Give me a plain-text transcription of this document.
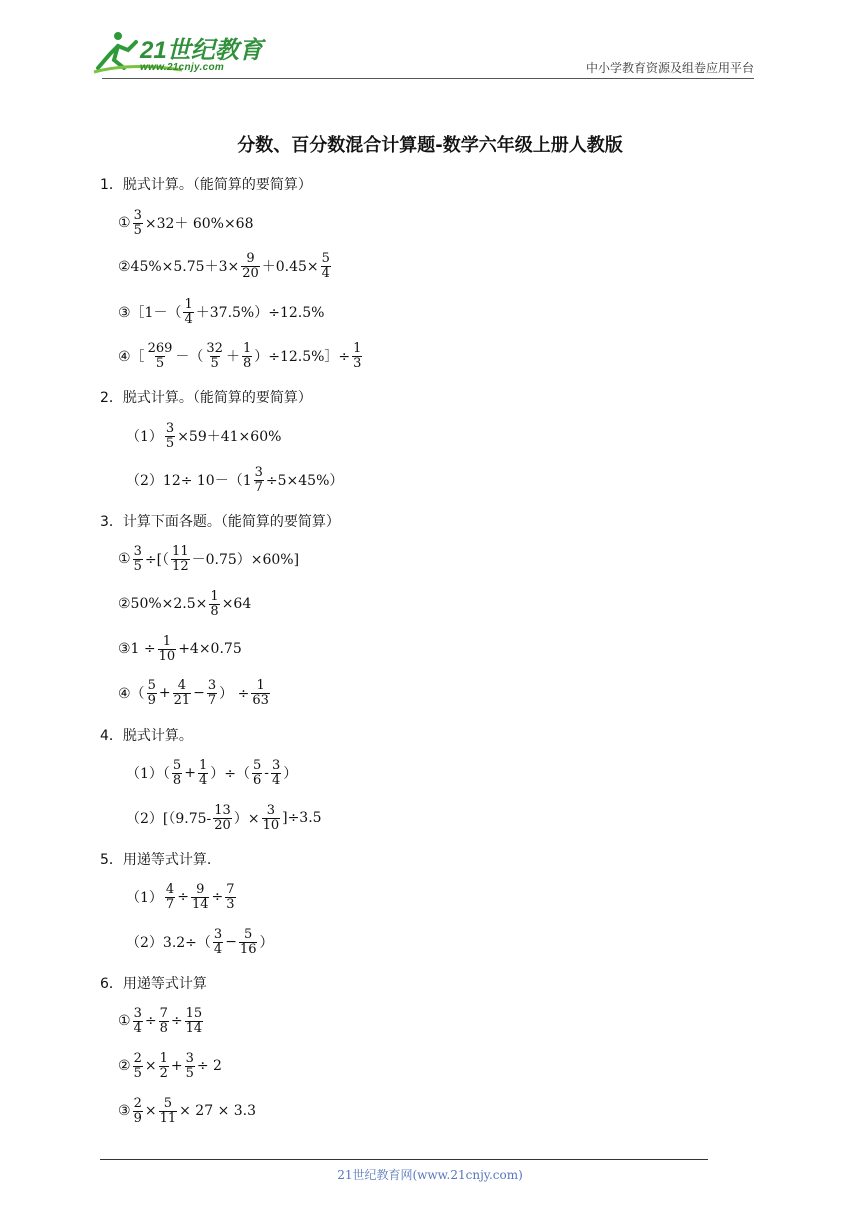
21世纪教育
www.21cnjy.com	中小学教育资源及组卷应用平台
分数、百分数混合计算题-数学六年级上册人教版
1．脱式计算。（能简算的要简算）
① $\frac{3}{5} \times 32+ 60\%\times 68$
②45%×5.75＋3× $\frac{9}{20} +0.45\times \frac{5}{4}$
③［1－（ $\frac{1}{4} +37.5\%)\div 12.5\%$
④［ $\frac{269}{5}$ －（ $\frac{32}{5} + \frac{1}{8}$ ）÷12.5%］÷ $\frac{1}{3}$
2．脱式计算。（能简算的要简算）
$(1) \frac{3}{5} \times 59+41\times 60\%$
$(2)12\div 10-(1 \frac{3}{7} \div 5\times 45\%)$
3．计算下面各题。（能简算的要简算）
① $\frac{3}{5}$ ÷[（ $\frac{11}{12} -0.75)\times 60\%$]
②50%×2.5× $\frac{1}{8} \times 64$
③1 ÷ $\frac{1}{10} +4\times 0.75$
④（ $\frac{5}{9} + \frac{4}{21} - \frac{3}{7}$ ） ÷ $\frac{1}{63}$
4．脱式计算。
$(1)( \frac{5}{8} + \frac{1}{4}$ ）÷（ $\frac{5}{6} - \frac{3}{4}$ ）
$(2)[(9.75- \frac{13}{20}$ ）× $\frac{3}{10} ]\div 3.5$
5．用递等式计算.
$(1) \frac{4}{7} \div \frac{9}{14} \div \frac{7}{3}$
$(2)3.2\div( \frac{3}{4} - \frac{5}{16}$ ）
6．用递等式计算
① $\frac{3}{4} \div \frac{7}{8} \div \frac{15}{14}$
② $\frac{2}{5} \times \frac{1}{2} + \frac{3}{5} \div 2$
③ $\frac{2}{9} \times \frac{5}{11} \times 27 \times 3.3$
21世纪教育网(www.21cnjy.com)
